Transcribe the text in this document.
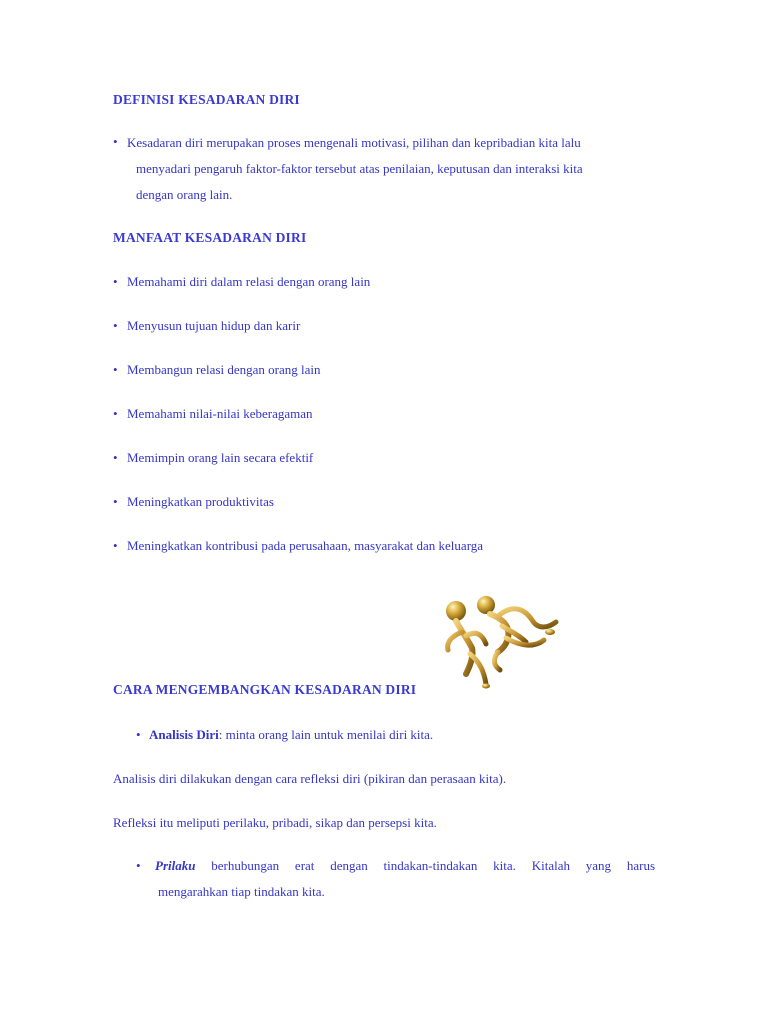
DEFINISI KESADARAN DIRI
• Kesadaran diri merupakan proses mengenali motivasi, pilihan dan kepribadian kita lalu
menyadari pengaruh faktor-faktor tersebut atas penilaian, keputusan dan interaksi kita
dengan orang lain.
MANFAAT KESADARAN DIRI
• Memahami diri dalam relasi dengan orang lain
• Menyusun tujuan hidup dan karir
• Membangun relasi dengan orang lain
• Memahami nilai-nilai keberagaman
• Memimpin orang lain secara efektif
• Meningkatkan produktivitas
• Meningkatkan kontribusi pada perusahaan, masyarakat dan keluarga
CARA MENGEMBANGKAN KESADARAN DIRI
• Analisis Diri: minta orang lain untuk menilai diri kita.
Analisis diri dilakukan dengan cara refleksi diri (pikiran dan perasaan kita).
Refleksi itu meliputi perilaku, pribadi, sikap dan persepsi kita.
• Prilaku berhubungan erat dengan tindakan-tindakan kita. Kitalah yang harus
mengarahkan tiap tindakan kita.
